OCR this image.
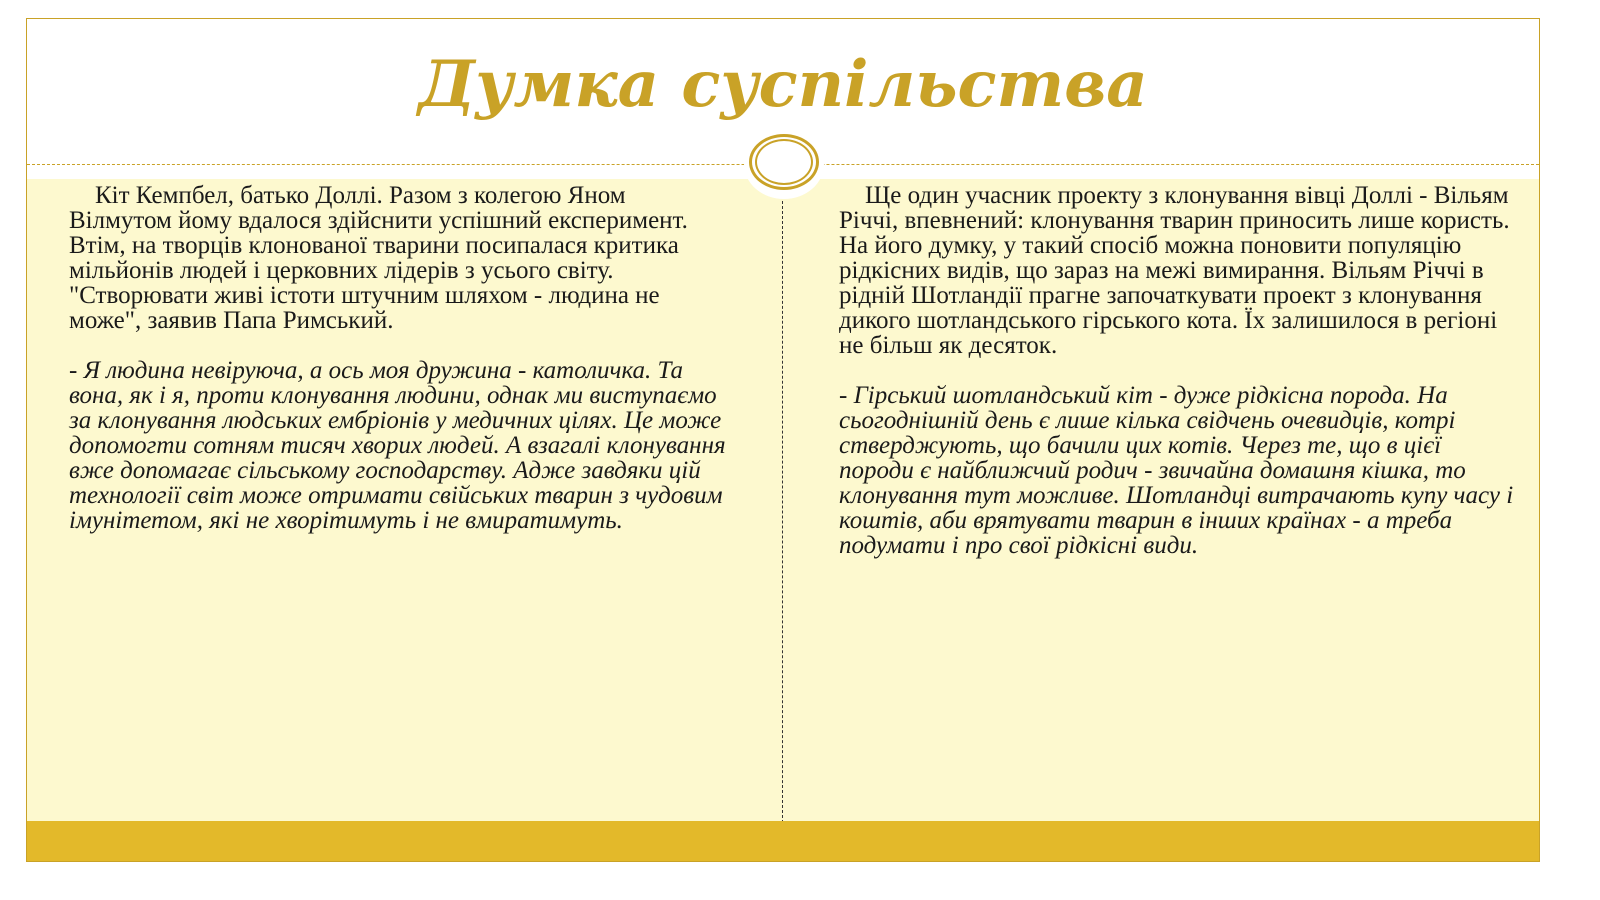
Думка суспільства

Кіт Кемпбел, батько Доллі. Разом з колегою Яном Вілмутом йому вдалося здійснити успішний експеримент. Втім, на творців клонованої тварини посипалася критика мільйонів людей і церковних лідерів з усього світу. "Створювати живі істоти штучним шляхом - людина не може", заявив Папа Римський.

- Я людина невіруюча, а ось моя дружина - католичка. Та вона, як і я, проти клонування людини, однак ми виступаємо за клонування людських ембріонів у медичних цілях. Це може допомогти сотням тисяч хворих людей. А взагалі клонування вже допомагає сільському господарству. Адже завдяки цій технології світ може отримати свійських тварин з чудовим імунітетом, які не хворітимуть і не вмиратимуть.

Ще один учасник проекту з клонування вівці Доллі - Вільям Річчі, впевнений: клонування тварин приносить лише користь. На його думку, у такий спосіб можна поновити популяцію рідкісних видів, що зараз на межі вимирання. Вільям Річчі в рідній Шотландії прагне започаткувати проект з клонування дикого шотландського гірського кота. Їх залишилося в регіоні не більш як десяток.

- Гірський шотландський кіт - дуже рідкісна порода. На сьогоднішній день є лише кілька свідчень очевидців, котрі стверджують, що бачили цих котів. Через те, що в цієї породи є найближчий родич - звичайна домашня кішка, то клонування тут можливе. Шотландці витрачають купу часу і коштів, аби врятувати тварин в інших країнах - а треба подумати і про свої рідкісні види.
